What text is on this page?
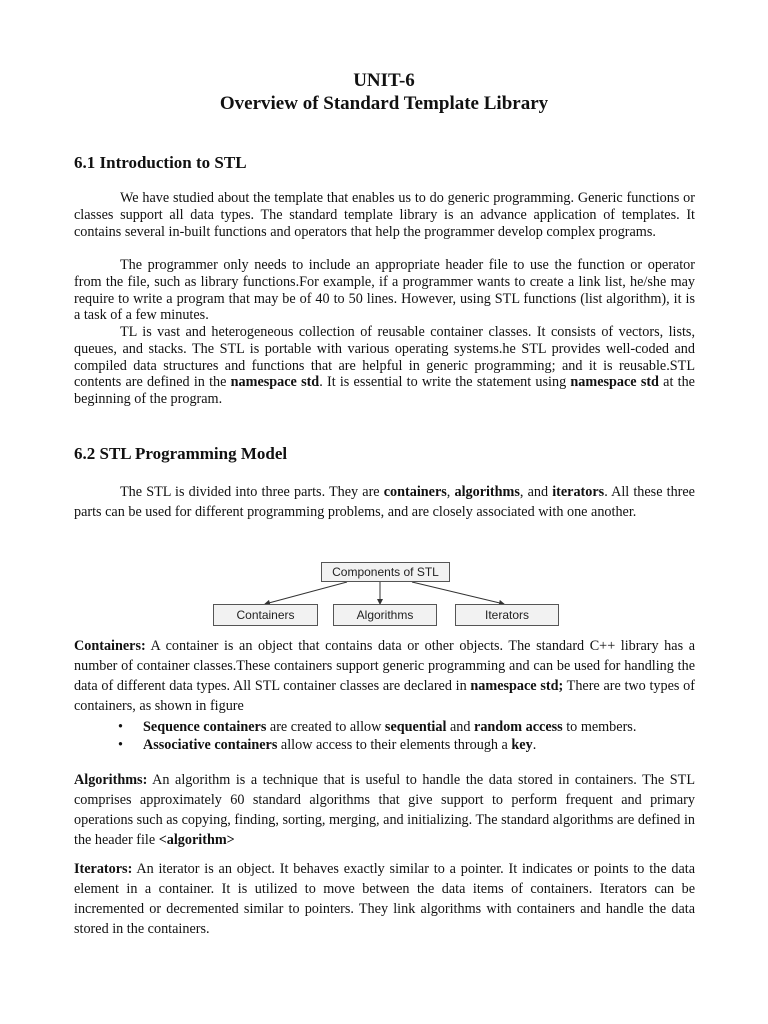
UNIT-6
Overview of Standard Template Library
6.1 Introduction to STL

We have studied about the template that enables us to do generic programming. Generic functions or classes support all data types. The standard template library is an advance application of templates. It contains several in-built functions and operators that help the programmer develop complex programs.

The programmer only needs to include an appropriate header file to use the function or operator from the file, such as library functions.For example, if a programmer wants to create a link list, he/she may require to write a program that may be of 40 to 50 lines. However, using STL functions (list algorithm), it is a task of a few minutes.

TL is vast and heterogeneous collection of reusable container classes. It consists of vectors, lists, queues, and stacks. The STL is portable with various operating systems.he STL provides well-coded and compiled data structures and functions that are helpful in generic programming; and it is reusable.STL contents are defined in the namespace std. It is essential to write the statement using namespace std at the beginning of the program.

6.2 STL Programming Model

The STL is divided into three parts. They are containers, algorithms, and iterators. All these three parts can be used for different programming problems, and are closely associated with one another.

Components of STL
Containers	Algorithms	Iterators

Containers: A container is an object that contains data or other objects. The standard C++ library has a number of container classes.These containers support generic programming and can be used for handling the data of different data types. All STL container classes are declared in namespace std; There are two types of containers, as shown in figure

• Sequence containers are created to allow sequential and random access to members.
• Associative containers allow access to their elements through a key.

Algorithms: An algorithm is a technique that is useful to handle the data stored in containers. The STL comprises approximately 60 standard algorithms that give support to perform frequent and primary operations such as copying, finding, sorting, merging, and initializing. The standard algorithms are defined in the header file <algorithm>

Iterators: An iterator is an object. It behaves exactly similar to a pointer. It indicates or points to the data element in a container. It is utilized to move between the data items of containers. Iterators can be incremented or decremented similar to pointers. They link algorithms with containers and handle the data stored in the containers.
